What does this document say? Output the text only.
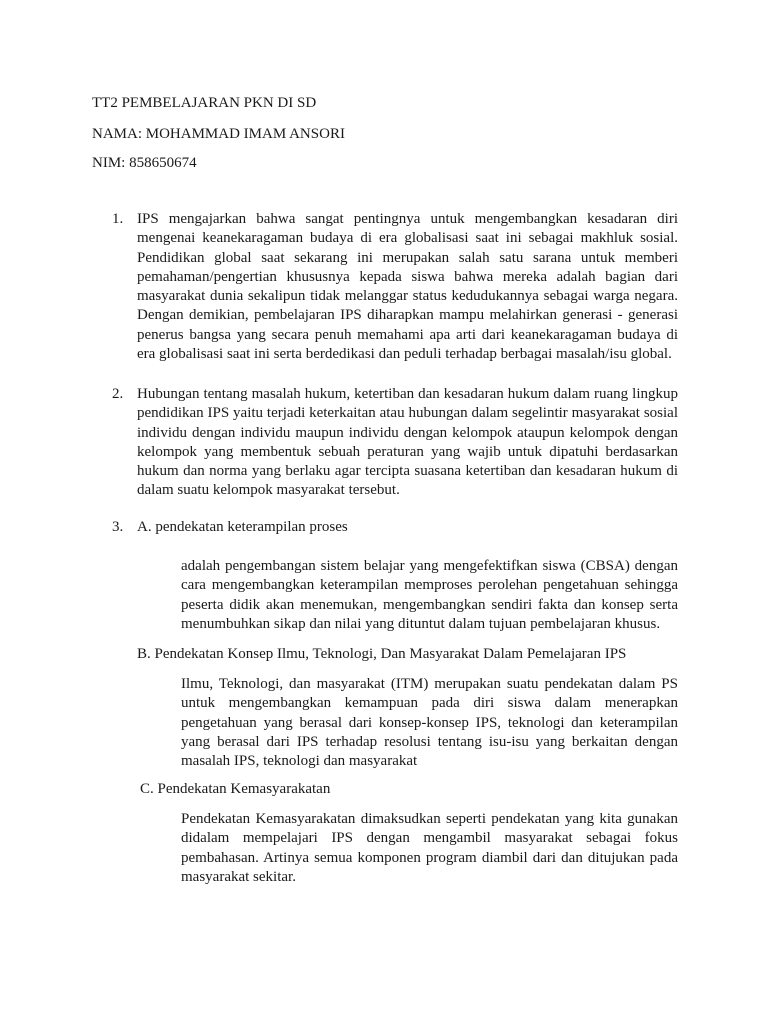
TT2 PEMBELAJARAN PKN DI SD
NAMA: MOHAMMAD IMAM ANSORI
NIM: 858650674
1. IPS mengajarkan bahwa sangat pentingnya untuk mengembangkan kesadaran diri mengenai keanekaragaman budaya di era globalisasi saat ini sebagai makhluk sosial. Pendidikan global saat sekarang ini merupakan salah satu sarana untuk memberi pemahaman/pengertian khususnya kepada siswa bahwa mereka adalah bagian dari masyarakat dunia sekalipun tidak melanggar status kedudukannya sebagai warga negara. Dengan demikian, pembelajaran IPS diharapkan mampu melahirkan generasi - generasi penerus bangsa yang secara penuh memahami apa arti dari keanekaragaman budaya di era globalisasi saat ini serta berdedikasi dan peduli terhadap berbagai masalah/isu global.
2. Hubungan tentang masalah hukum, ketertiban dan kesadaran hukum dalam ruang lingkup pendidikan IPS yaitu terjadi keterkaitan atau hubungan dalam segelintir masyarakat sosial individu dengan individu maupun individu dengan kelompok ataupun kelompok dengan kelompok yang membentuk sebuah peraturan yang wajib untuk dipatuhi berdasarkan hukum dan norma yang berlaku agar tercipta suasana ketertiban dan kesadaran hukum di dalam suatu kelompok masyarakat tersebut.
3. A. pendekatan keterampilan proses
adalah pengembangan sistem belajar yang mengefektifkan siswa (CBSA) dengan cara mengembangkan keterampilan memproses perolehan pengetahuan sehingga peserta didik akan menemukan, mengembangkan sendiri fakta dan konsep serta menumbuhkan sikap dan nilai yang dituntut dalam tujuan pembelajaran khusus.
B. Pendekatan Konsep Ilmu, Teknologi, Dan Masyarakat Dalam Pemelajaran IPS
Ilmu, Teknologi, dan masyarakat (ITM) merupakan suatu pendekatan dalam PS untuk mengembangkan kemampuan pada diri siswa dalam menerapkan pengetahuan yang berasal dari konsep-konsep IPS, teknologi dan keterampilan yang berasal dari IPS terhadap resolusi tentang isu-isu yang berkaitan dengan masalah IPS, teknologi dan masyarakat
C. Pendekatan Kemasyarakatan
Pendekatan Kemasyarakatan dimaksudkan seperti pendekatan yang kita gunakan didalam mempelajari IPS dengan mengambil masyarakat sebagai fokus pembahasan. Artinya semua komponen program diambil dari dan ditujukan pada masyarakat sekitar.
